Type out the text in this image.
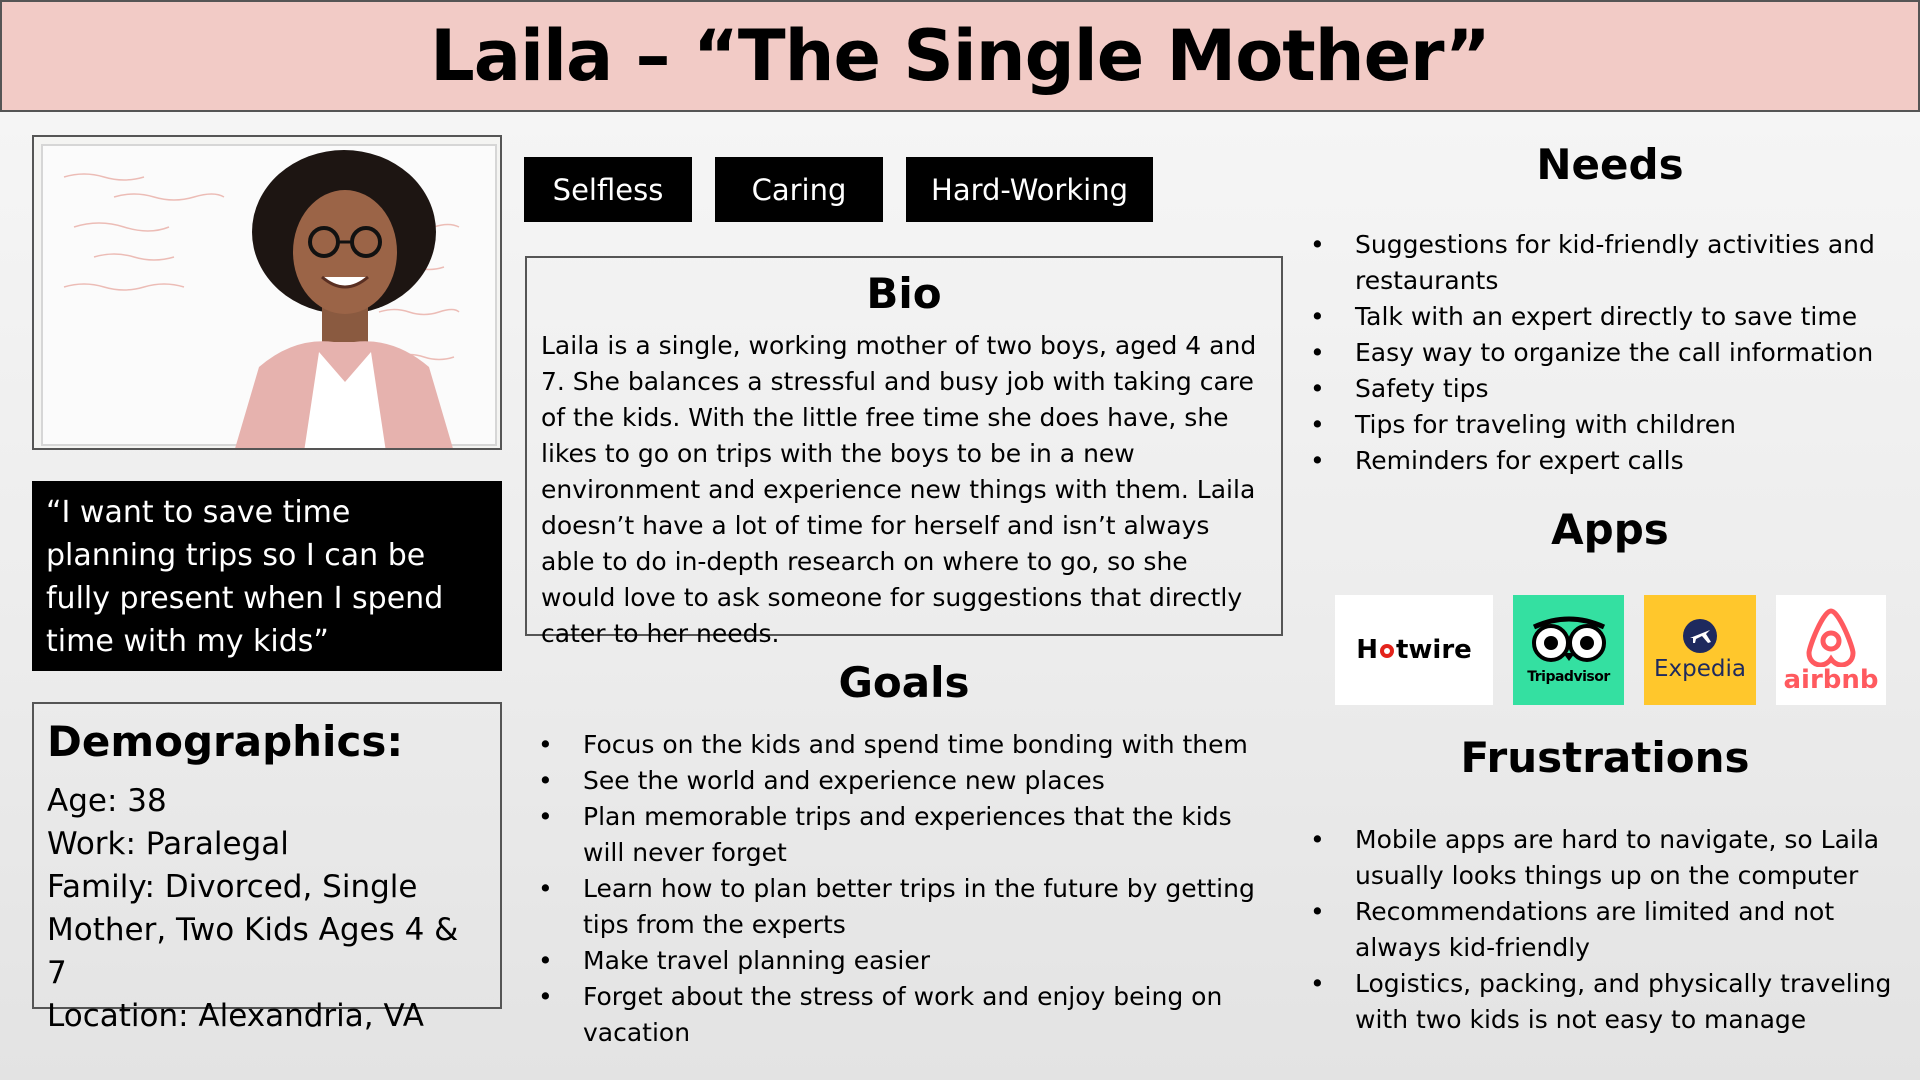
Laila – “The Single Mother”
“I want to save time planning trips so I can be fully present when I spend time with my kids”
Demographics:
Age: 38
Work: Paralegal
Family: Divorced, Single Mother, Two Kids Ages 4 & 7
Location: Alexandria, VA
Selfless	Caring	Hard-Working
Bio

Laila is a single, working mother of two boys, aged 4 and 7. She balances a stressful and busy job with taking care of the kids. With the little free time she does have, she likes to go on trips with the boys to be in a new environment and experience new things with them. Laila doesn’t have a lot of time for herself and isn’t always able to do in-depth research on where to go, so she would love to ask someone for suggestions that directly cater to her needs.

Goals
• Focus on the kids and spend time bonding with them
• See the world and experience new places
• Plan memorable trips and experiences that the kids will never forget
• Learn how to plan better trips in the future by getting tips from the experts
• Make travel planning easier
• Forget about the stress of work and enjoy being on vacation
Needs
• Suggestions for kid-friendly activities and restaurants
• Talk with an expert directly to save time
• Easy way to organize the call information
• Safety tips
• Tips for traveling with children
• Reminders for expert calls
Apps
H twire
Tripadvisor Expedia airbnb
Frustrations
• Mobile apps are hard to navigate, so Laila usually looks things up on the computer
• Recommendations are limited and not always kid-friendly
• Logistics, packing, and physically traveling with two kids is not easy to manage
